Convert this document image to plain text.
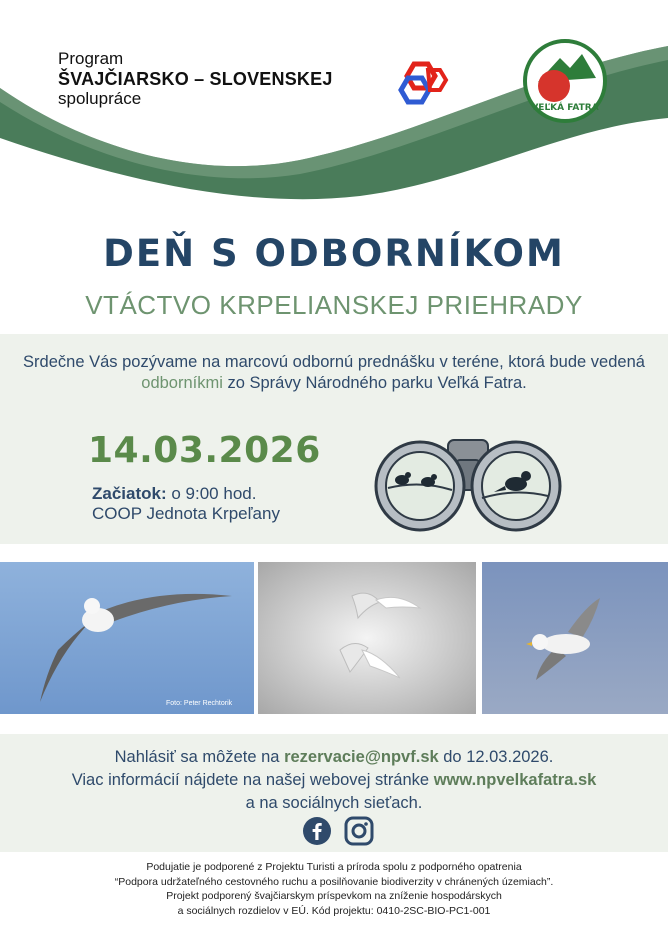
Program
ŠVAJČIARSKO – SLOVENSKEJ
spolupráce	VEĽKÁ FATRA
DEŇ S ODBORNÍKOM
VTÁCTVO KRPELIANSKEJ PRIEHRADY
Srdečne Vás pozývame na marcovú odbornú prednášku v teréne, ktorá bude vedená odborníkmi zo Správy Národného parku Veľká Fatra.
14.03.2026
Začiatok: o 9:00 hod.
COOP Jednota Krpeľany
Foto: Peter Rechtorik
Nahlásiť sa môžete na rezervacie@npvf.sk do 12.03.2026.
Viac informácií nájdete na našej webovej stránke www.npvelkafatra.sk
a na sociálnych sieťach.
Podujatie je podporené z Projektu Turisti a príroda spolu z podporného opatrenia
“Podpora udržateľného cestovného ruchu a posilňovanie biodiverzity v chránených územiach”.
Projekt podporený švajčiarskym príspevkom na zníženie hospodárskych
a sociálnych rozdielov v EÚ. Kód projektu: 0410-2SC-BIO-PC1-001
